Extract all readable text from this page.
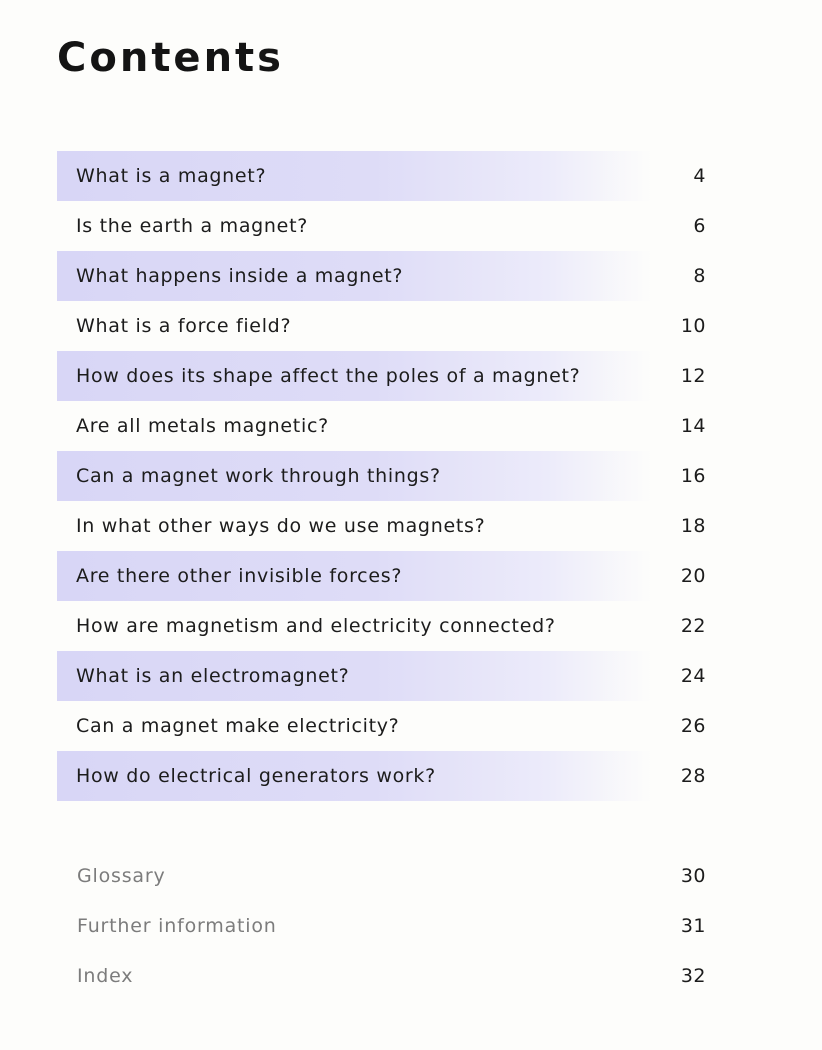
Contents
What is a magnet?	4
Is the earth a magnet?	6
What happens inside a magnet?	8
What is a force field?	10
How does its shape affect the poles of a magnet?	12
Are all metals magnetic?	14
Can a magnet work through things?	16
In what other ways do we use magnets?	18
Are there other invisible forces?	20
How are magnetism and electricity connected?	22
What is an electromagnet?	24
Can a magnet make electricity?	26
How do electrical generators work?	28
Glossary	30
Further information	31
Index	32
